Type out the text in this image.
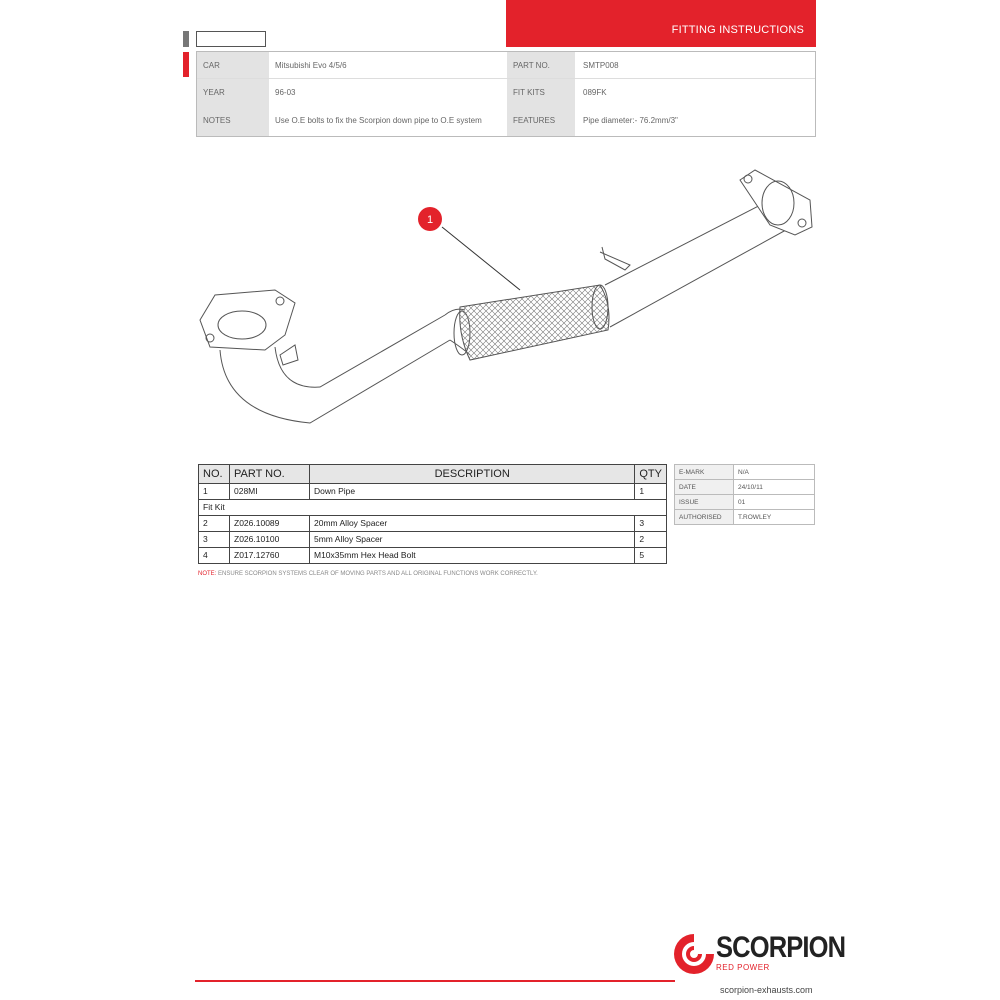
FITTING INSTRUCTIONS
CAR	Mitsubishi Evo 4/5/6	PART NO.	SMTP008
YEAR	96-03	FIT KITS	089FK
NOTES	Use O.E bolts to fix the Scorpion down pipe to O.E system	FEATURES	Pipe diameter:- 76.2mm/3"
1
NO.	PART NO.	DESCRIPTION	QTY
1	028MI	Down Pipe	1
Fit Kit			
2	Z026.10089	20mm Alloy Spacer	3
3	Z026.10100	5mm Alloy Spacer	2
4	Z017.12760	M10x35mm Hex Head Bolt	5
E-MARK	N/A
DATE	24/10/11
ISSUE	01
AUTHORISED	T.ROWLEY
NOTE: ENSURE SCORPION SYSTEMS CLEAR OF MOVING PARTS AND ALL ORIGINAL FUNCTIONS WORK CORRECTLY.
SCORPION
RED POWER
scorpion-exhausts.com
